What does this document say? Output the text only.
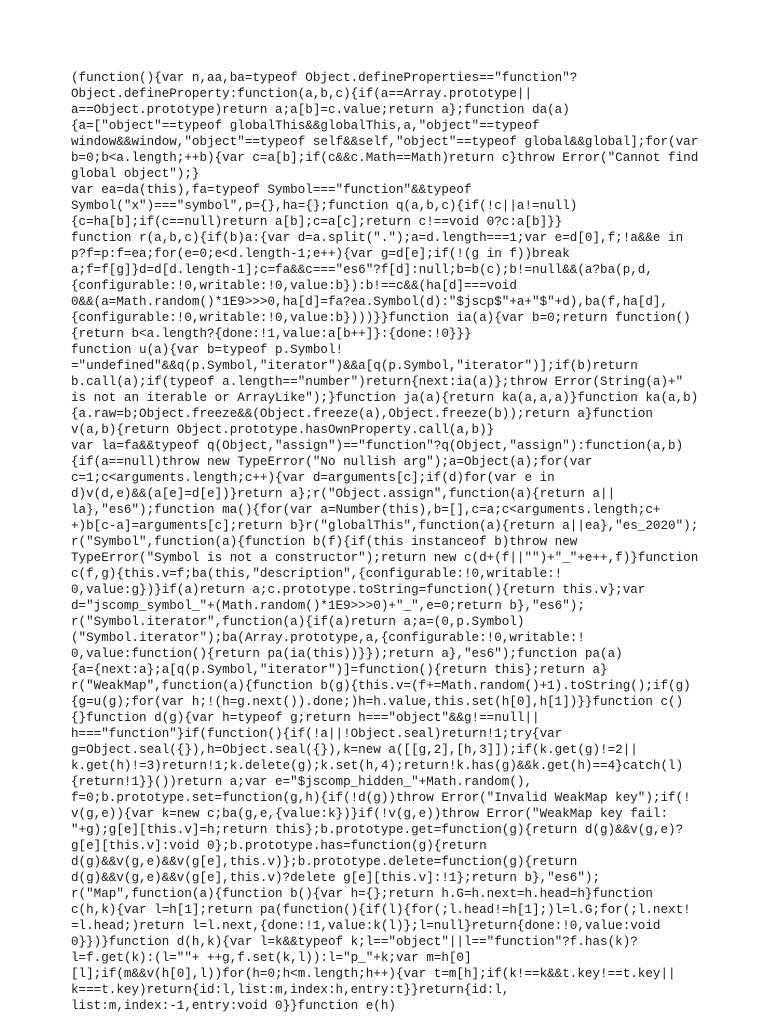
(function(){var n,aa,ba=typeof Object.defineProperties=="function"?
Object.defineProperty:function(a,b,c){if(a==Array.prototype||
a==Object.prototype)return a;a[b]=c.value;return a};function da(a)
{a=["object"==typeof globalThis&&globalThis,a,"object"==typeof
window&&window,"object"==typeof self&&self,"object"==typeof global&&global];for(var
b=0;b<a.length;++b){var c=a[b];if(c&&c.Math==Math)return c}throw Error("Cannot find
global object");}
var ea=da(this),fa=typeof Symbol==="function"&&typeof
Symbol("x")==="symbol",p={},ha={};function q(a,b,c){if(!c||a!=null)
{c=ha[b];if(c==null)return a[b];c=a[c];return c!==void 0?c:a[b]}}
function r(a,b,c){if(b)a:{var d=a.split(".");a=d.length===1;var e=d[0],f;!a&&e in
p?f=p:f=ea;for(e=0;e<d.length-1;e++){var g=d[e];if(!(g in f))break
a;f=f[g]}d=d[d.length-1];c=fa&&c==="es6"?f[d]:null;b=b(c);b!=null&&(a?ba(p,d,
{configurable:!0,writable:!0,value:b}):b!==c&&(ha[d]===void
0&&(a=Math.random()*1E9>>>0,ha[d]=fa?ea.Symbol(d):"$jscp$"+a+"$"+d),ba(f,ha[d],
{configurable:!0,writable:!0,value:b})))}}function ia(a){var b=0;return function()
{return b<a.length?{done:!1,value:a[b++]}:{done:!0}}}
function u(a){var b=typeof p.Symbol!
="undefined"&&q(p.Symbol,"iterator")&&a[q(p.Symbol,"iterator")];if(b)return
b.call(a);if(typeof a.length=="number")return{next:ia(a)};throw Error(String(a)+"
is not an iterable or ArrayLike");}function ja(a){return ka(a,a,a)}function ka(a,b)
{a.raw=b;Object.freeze&&(Object.freeze(a),Object.freeze(b));return a}function
v(a,b){return Object.prototype.hasOwnProperty.call(a,b)}
var la=fa&&typeof q(Object,"assign")=="function"?q(Object,"assign"):function(a,b)
{if(a==null)throw new TypeError("No nullish arg");a=Object(a);for(var
c=1;c<arguments.length;c++){var d=arguments[c];if(d)for(var e in
d)v(d,e)&&(a[e]=d[e])}return a};r("Object.assign",function(a){return a||
la},"es6");function ma(){for(var a=Number(this),b=[],c=a;c<arguments.length;c+
+)b[c-a]=arguments[c];return b}r("globalThis",function(a){return a||ea},"es_2020");
r("Symbol",function(a){function b(f){if(this instanceof b)throw new
TypeError("Symbol is not a constructor");return new c(d+(f||"")+"_"+e++,f)}function
c(f,g){this.v=f;ba(this,"description",{configurable:!0,writable:!
0,value:g})}if(a)return a;c.prototype.toString=function(){return this.v};var
d="jscomp_symbol_"+(Math.random()*1E9>>>0)+"_",e=0;return b},"es6");
r("Symbol.iterator",function(a){if(a)return a;a=(0,p.Symbol)
("Symbol.iterator");ba(Array.prototype,a,{configurable:!0,writable:!
0,value:function(){return pa(ia(this))}});return a},"es6");function pa(a)
{a={next:a};a[q(p.Symbol,"iterator")]=function(){return this};return a}
r("WeakMap",function(a){function b(g){this.v=(f+=Math.random()+1).toString();if(g)
{g=u(g);for(var h;!(h=g.next()).done;)h=h.value,this.set(h[0],h[1])}}function c()
{}function d(g){var h=typeof g;return h==="object"&&g!==null||
h==="function"}if(function(){if(!a||!Object.seal)return!1;try{var
g=Object.seal({}),h=Object.seal({}),k=new a([[g,2],[h,3]]);if(k.get(g)!=2||
k.get(h)!=3)return!1;k.delete(g);k.set(h,4);return!k.has(g)&&k.get(h)==4}catch(l)
{return!1}}())return a;var e="$jscomp_hidden_"+Math.random(),
f=0;b.prototype.set=function(g,h){if(!d(g))throw Error("Invalid WeakMap key");if(!
v(g,e)){var k=new c;ba(g,e,{value:k})}if(!v(g,e))throw Error("WeakMap key fail:
"+g);g[e][this.v]=h;return this};b.prototype.get=function(g){return d(g)&&v(g,e)?
g[e][this.v]:void 0};b.prototype.has=function(g){return
d(g)&&v(g,e)&&v(g[e],this.v)};b.prototype.delete=function(g){return
d(g)&&v(g,e)&&v(g[e],this.v)?delete g[e][this.v]:!1};return b},"es6");
r("Map",function(a){function b(){var h={};return h.G=h.next=h.head=h}function
c(h,k){var l=h[1];return pa(function(){if(l){for(;l.head!=h[1];)l=l.G;for(;l.next!
=l.head;)return l=l.next,{done:!1,value:k(l)};l=null}return{done:!0,value:void
0}})}function d(h,k){var l=k&&typeof k;l=="object"||l=="function"?f.has(k)?
l=f.get(k):(l=""+ ++g,f.set(k,l)):l="p_"+k;var m=h[0]
[l];if(m&&v(h[0],l))for(h=0;h<m.length;h++){var t=m[h];if(k!==k&&t.key!==t.key||
k===t.key)return{id:l,list:m,index:h,entry:t}}return{id:l,
list:m,index:-1,entry:void 0}}function e(h)
